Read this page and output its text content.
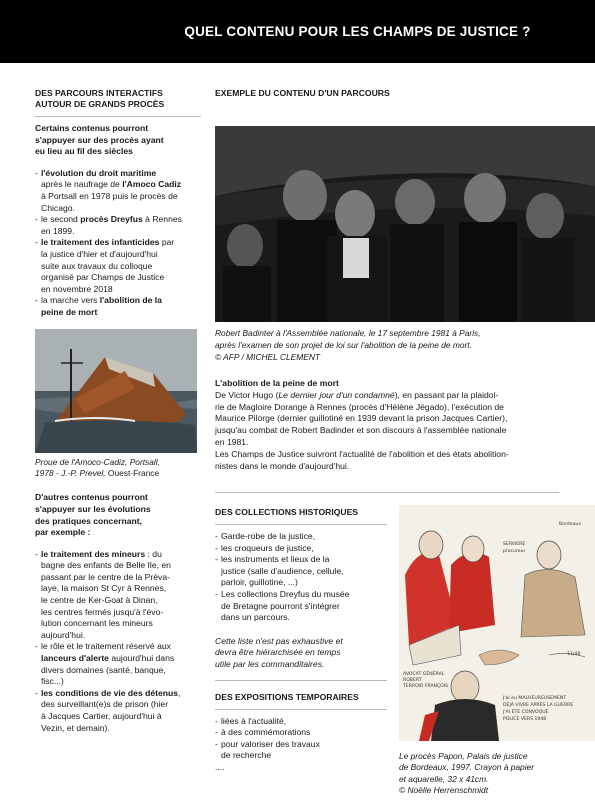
QUEL CONTENU POUR LES CHAMPS DE JUSTICE ?
DES PARCOURS INTERACTIFS
AUTOUR DE GRANDS PROCÈS
Certains contenus pourront
s'appuyer sur des procès ayant
eu lieu au fil des siècles
- l'évolution du droit maritime
après le naufrage de l'Amoco Cadiz
à Portsall en 1978 puis le procès de
Chicago.
- le second procès Dreyfus à Rennes
en 1899.
- le traitement des infanticides par
la justice d'hier et d'aujourd'hui
suite aux travaux du colloque
organisé par Champs de Justice
en novembre 2018
- la marche vers l'abolition de la
peine de mort
Proue de l'Amoco-Cadiz, Portsall,
1978 - J.-P. Prevel, Ouest-France
D'autres contenus pourront
s'appuyer sur les évolutions
des pratiques concernant,
par exemple :
- le traitement des mineurs : du
bagne des enfants de Belle Ile, en
passant par le centre de la Préva-
laye, la maison St Cyr à Rennes,
le centre de Ker-Goat à Dinan,
les centres fermés jusqu'à l'évo-
lution concernant les mineurs
aujourd'hui.
- le rôle et le traitement réservé aux
lanceurs d'alerte aujourd'hui dans
divers domaines (santé, banque,
fisc...)
- les conditions de vie des détenus,
des surveillant(e)s de prison (hier
à Jacques Cartier, aujourd'hui à
Vezin, et demain).
EXEMPLE DU CONTENU D'UN PARCOURS
Robert Badinter à l'Assemblée nationale, le 17 septembre 1981 à Paris,
après l'examen de son projet de loi sur l'abolition de la peine de mort.
© AFP / MICHEL CLEMENT
L'abolition de la peine de mort
De Victor Hugo (Le dernier jour d'un condamné), en passant par la plaidoi-
rie de Magloire Dorange à Rennes (procès d'Hélène Jégado), l'exécution de
Maurice Pilorge (dernier guillotiné en 1939 devant la prison Jacques Cartier),
jusqu'au combat de Robert Badinder et son discours à l'assemblée nationale
en 1981.
Les Champs de Justice suivront l'actualité de l'abolition et des états abolition-
nistes dans le monde d'aujourd'hui.
DES COLLECTIONS HISTORIQUES
- Garde-robe de la justice,
- les croqueurs de justice,
- les instruments et lieux de la
justice (salle d'audience, cellule,
parloir, guillotine, ...)
- Les collections Dreyfus du musée
de Bretagne pourront s'intégrer
dans un parcours.
Cette liste n'est pas exhaustive et
devra être hiérarchisée en temps
utile par les commanditaires.
DES EXPOSITIONS TEMPORAIRES
- liées à l'actualité,
- à des commémorations
- pour valoriser des travaux
de recherche
....
SERVIERE
procureur
Bordeaux
AVOCAT GÉNÉRAL
ROBERT
TERROIR FRANÇOIS
11/48
J'ai eu MALHEUREUSEMENT
DÉJÀ VIVRE APRÈS LA GUERRE
J'AI ÉTÉ CONVOQUÉ
POLICE VERS 1948
Le procès Papon, Palais de justice
de Bordeaux, 1997. Crayon à papier
et aquarelle, 32 x 41cm.
© Noëlle Herrenschmidt
